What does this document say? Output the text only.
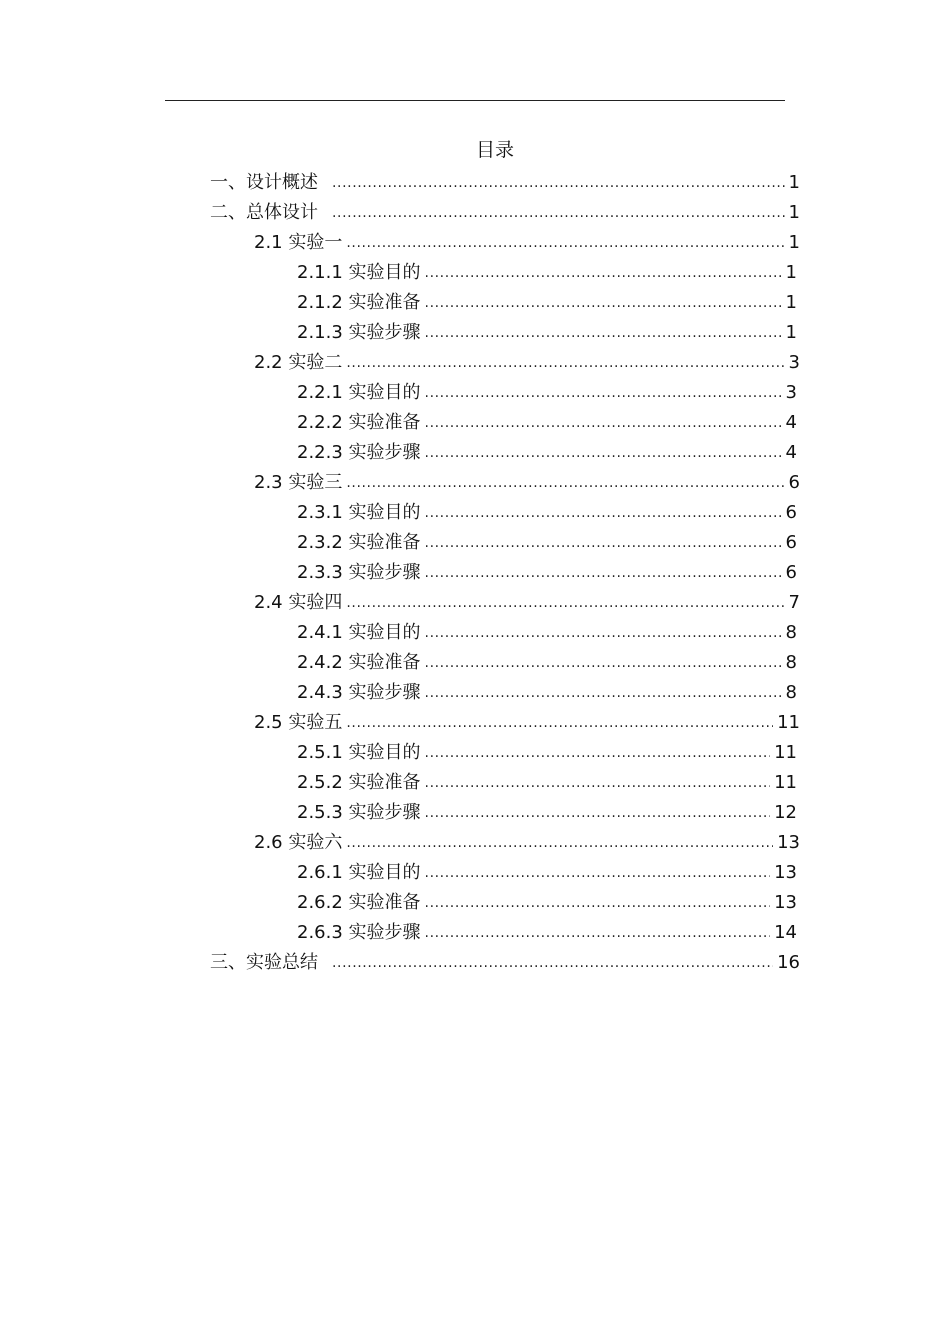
目录
一、设计概述 .....	1
二、总体设计 .....	1
2.1 实验一 .....	1
2.1.1 实验目的 .....	1
2.1.2 实验准备 .....	1
2.1.3 实验步骤 .....	1
2.2 实验二 .....	3
2.2.1 实验目的 .....	3
2.2.2 实验准备 .....	4
2.2.3 实验步骤 .....	4
2.3 实验三 .....	6
2.3.1 实验目的 .....	6
2.3.2 实验准备 .....	6
2.3.3 实验步骤 .....	6
2.4 实验四 .....	7
2.4.1 实验目的 .....	8
2.4.2 实验准备 .....	8
2.4.3 实验步骤 .....	8
2.5 实验五 .....	11
2.5.1 实验目的 .....	11
2.5.2 实验准备 .....	11
2.5.3 实验步骤 .....	12
2.6 实验六 .....	13
2.6.1 实验目的 .....	13
2.6.2 实验准备 .....	13
2.6.3 实验步骤 .....	14
三、实验总结 .....	16
